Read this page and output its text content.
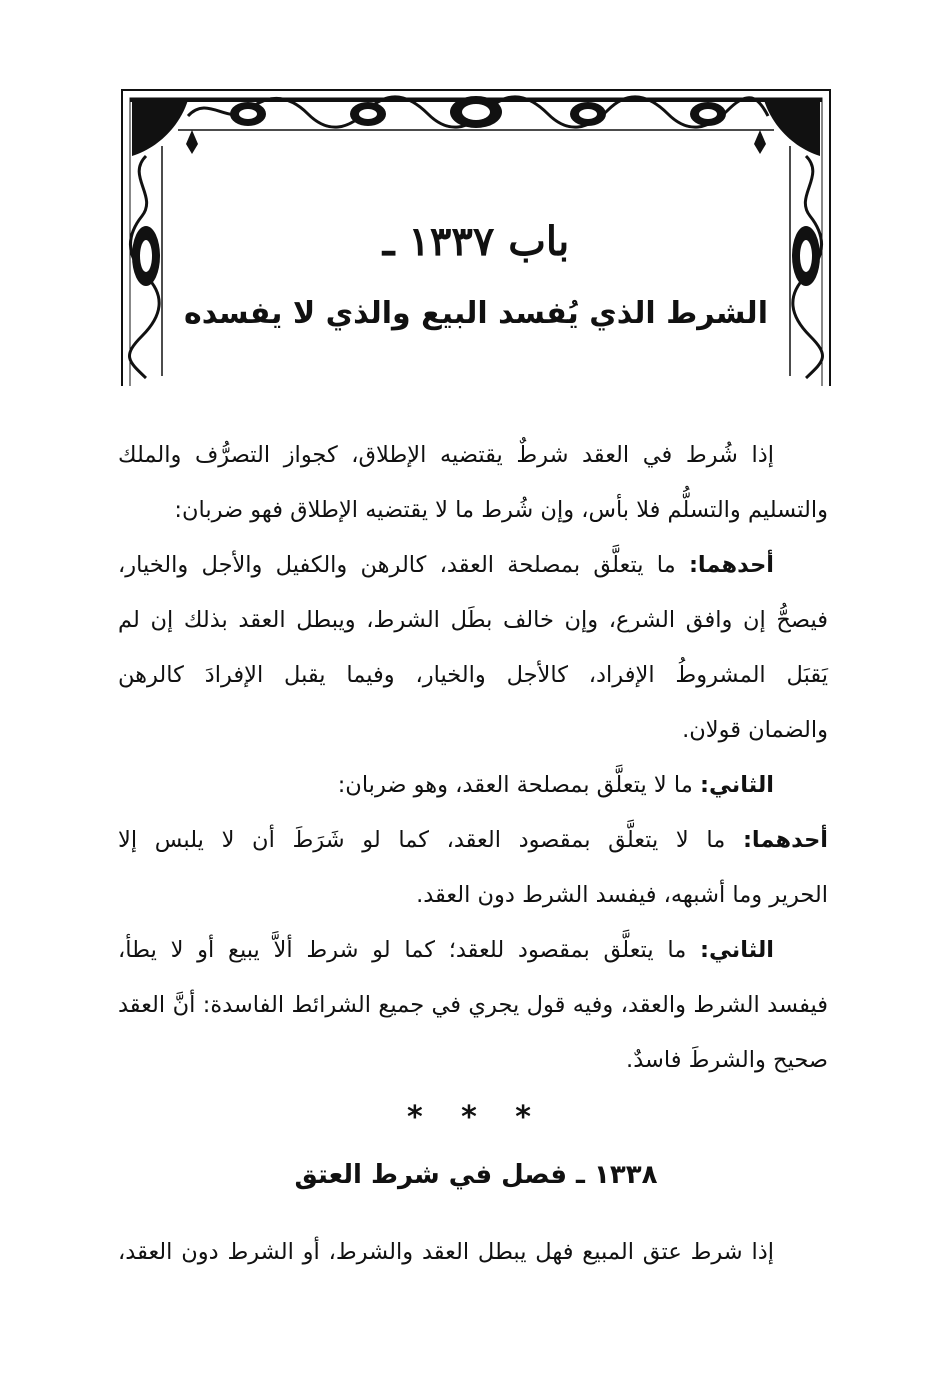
باب ١٣٣٧ ـ
الشرط الذي يُفسد البيع والذي لا يفسده
إذا شُرط في العقد شرطٌ يقتضيه الإطلاق، كجواز التصرُّف والملك
والتسليم والتسلُّم فلا بأس، وإن شُرط ما لا يقتضيه الإطلاق فهو ضربان:
أحدهما: ما يتعلَّق بمصلحة العقد، كالرهن والكفيل والأجل والخيار،
فيصحُّ إن وافق الشرع، وإن خالف بطَل الشرط، ويبطل العقد بذلك إن لم
يَقبَل المشروطُ الإفراد، كالأجل والخيار، وفيما يقبل الإفرادَ كالرهن
والضمان قولان.
الثاني: ما لا يتعلَّق بمصلحة العقد، وهو ضربان:
أحدهما: ما لا يتعلَّق بمقصود العقد، كما لو شَرَطَ أن لا يلبس إلا
الحرير وما أشبهه، فيفسد الشرط دون العقد.
الثاني: ما يتعلَّق بمقصود للعقد؛ كما لو شرط ألاَّ يبيع أو لا يطأ،
فيفسد الشرط والعقد، وفيه قول يجري في جميع الشرائط الفاسدة: أنَّ العقد
صحيح والشرطَ فاسدٌ.
* * *
١٣٣٨ ـ فصل في شرط العتق
إذا شرط عتق المبيع فهل يبطل العقد والشرط، أو الشرط دون العقد،
